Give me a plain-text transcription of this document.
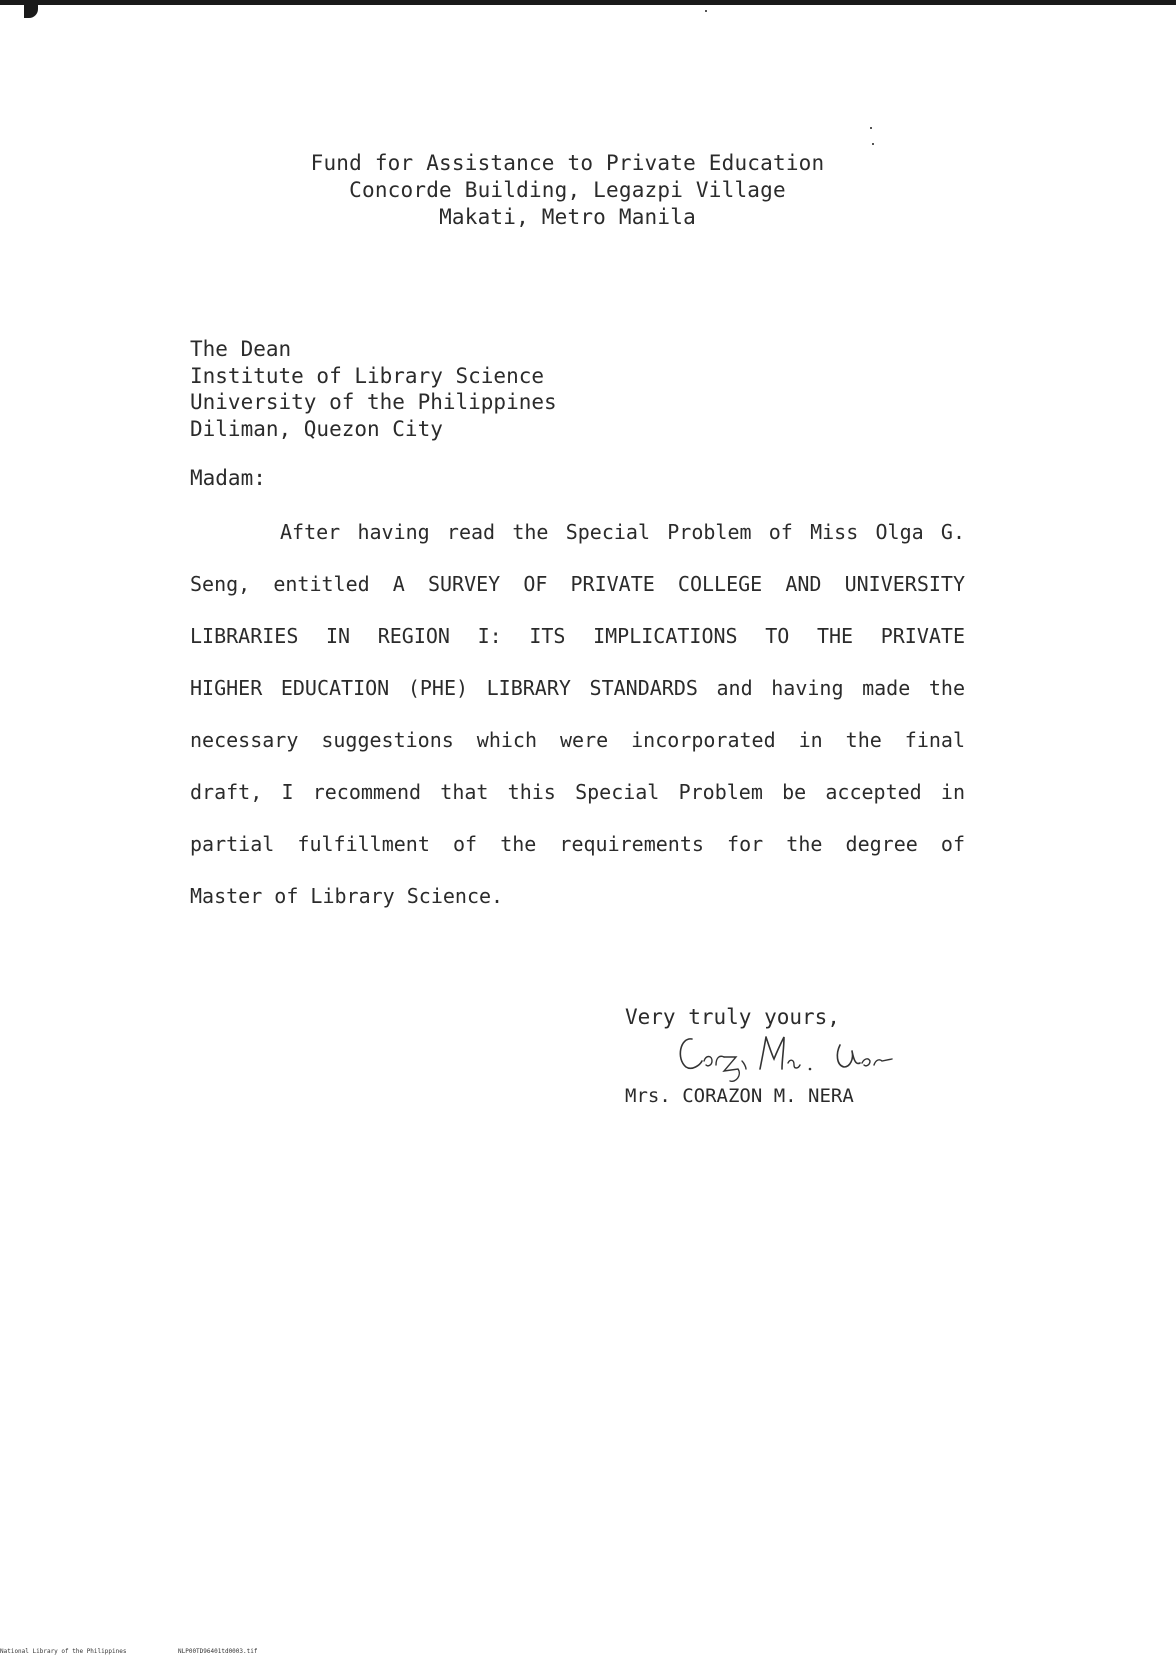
Fund for Assistance to Private Education
Concorde Building, Legazpi Village
Makati, Metro Manila
The Dean
Institute of Library Science
University of the Philippines
Diliman, Quezon City
Madam:
After having read the Special Problem of Miss Olga G.
Seng, entitled A SURVEY OF PRIVATE COLLEGE AND UNIVERSITY
LIBRARIES IN REGION I: ITS IMPLICATIONS TO THE PRIVATE
HIGHER EDUCATION (PHE) LIBRARY STANDARDS and having made the
necessary suggestions which were incorporated in the final
draft, I recommend that this Special Problem be accepted in
partial fulfillment of the requirements for the degree of
Master of Library Science.
Very truly yours,
Mrs. CORAZON M. NERA
National Library of the Philippines	NLP00TD96401td0003.tif
